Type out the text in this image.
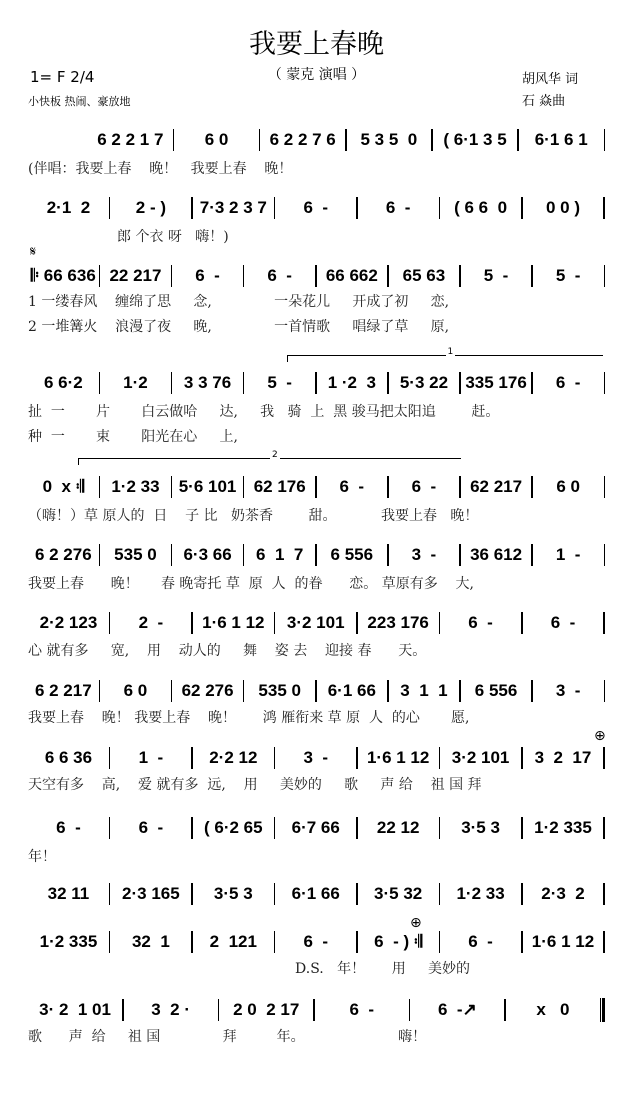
我要上春晚
（ 蒙克 演唱 ）
1= F 2/4
小快板 热闹、豪放地
胡风华 词
石 焱曲
𝄋
⊕
⊕
1
2
6 2 2 1 7	6 0	6 2 2 7 6	5 3 5  0	( 6·1 3 5	6·1 6 1
(伴唱：我要上春    晚！   我要上春    晚！
2·1  2	2 - )	7·3 2 3 7	6  -	6  -	( 6 6  0	0 0 )
郎 个衣 呀   嗨！)
𝄆 66 636 22 217	6  -	6  -	66 662	65 63	5  -	5  -
1 一缕春风    缠绵了思     念,              一朵花儿     开成了初     恋,
2 一堆篝火    浪漫了夜     晚,              一首情歌     唱绿了草     原,
6 6·2	1·2	3 3 76	5  -	1 ·2  3	5·3 22	335 176	6  -
扯  一       片       白云做哈     达,     我   骑  上  黑 骏马把太阳追        赶。
种  一       束       阳光在心     上,
0  x 𝄇	1·2 33	5·6 101	62 176	6  -	6  -	62 217	6 0
（嗨！）草 原人的  日    子 比   奶茶香        甜。          我要上春   晚！
6 2 276	535 0	6·3 66	6  1  7	6 556	3  -	36 612	1  -
我要上春      晚！     春 晚寄托 草  原  人  的眷      恋。 草原有多    大,
2·2 123	2  -	1·6 1 12	3·2 101	223 176	6  -	6  -
心 就有多     宽,    用    动人的     舞    姿 去    迎接 春      天。
6 2 217	6 0	62 276	535 0	6·1 66	3  1  1	6 556	3  -
我要上春    晚！ 我要上春    晚！      鸿 雁衔来 草 原  人  的心       愿,
6 6 36	1  -	2·2 12	3  -	1·6 1 12	3·2 101	3  2  17
天空有多    高,    爱 就有多  远,    用     美妙的     歌     声 给    祖 国 拜
6  -	6  -	( 6·2 65	6·7 66	22 12	3·5 3	1·2 335
年！
32 11	2·3 165	3·5 3	6·1 66	3·5 32	1·2 33	2·3  2
1·2 335	32  1	2  121	6  -	6  - ) 𝄇	6  -	1·6 1 12
D.S.   年！      用     美妙的
3· 2  1 01	3  2 ·	2 0  2 17	6  -	6  -↗	x   0
歌      声  给     祖 国              拜         年。                     嗨！
